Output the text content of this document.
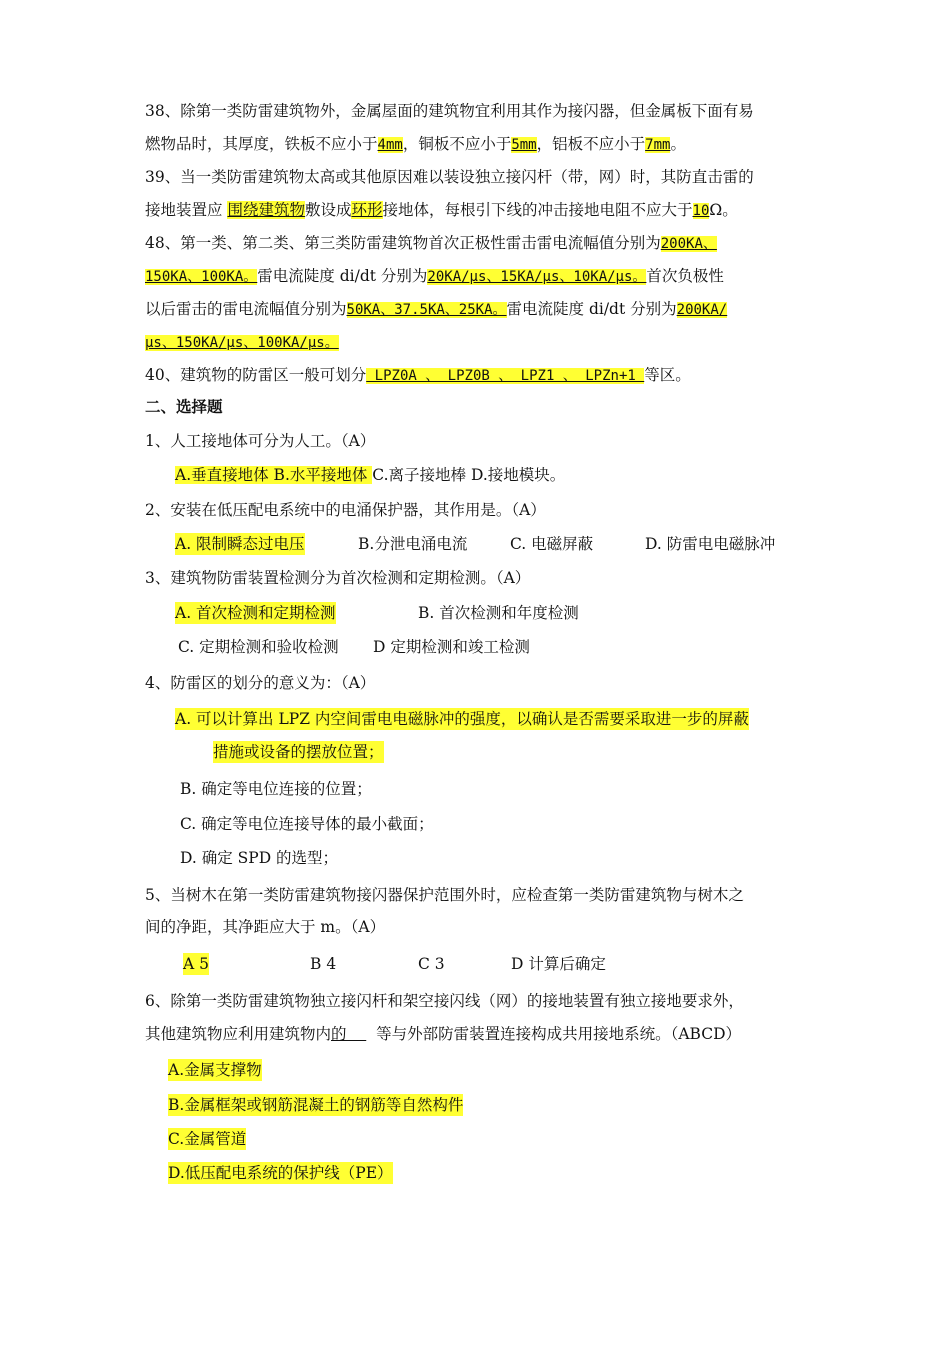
38、除第一类防雷建筑物外，金属屋面的建筑物宜利用其作为接闪器，但金属板下面有易
燃物品时，其厚度，铁板不应小于4mm，铜板不应小于5mm，铝板不应小于7mm。
39、当一类防雷建筑物太高或其他原因难以装设独立接闪杆（带，网）时，其防直击雷的
接地装置应 围绕建筑物敷设成环形接地体，每根引下线的冲击接地电阻不应大于10Ω。
48、第一类、第二类、第三类防雷建筑物首次正极性雷击雷电流幅值分别为200KA、
150KA、100KA。雷电流陡度 di/dt 分别为20KA/μs、15KA/μs、10KA/μs。首次负极性
以后雷击的雷电流幅值分别为50KA、37.5KA、25KA。雷电流陡度 di/dt 分别为200KA/
μs、150KA/μs、100KA/μs。
40、建筑物的防雷区一般可划分 LPZ0A 、 LPZ0B 、 LPZ1 、 LPZn+1 等区。
二、选择题
1、人工接地体可分为人工。（A）
A.垂直接地体 B.水平接地体 C.离子接地棒 D.接地模块。
2、安装在低压配电系统中的电涌保护器，其作用是。（A）
A. 限制瞬态过电压	B.分泄电涌电流	C. 电磁屏蔽	D. 防雷电电磁脉冲
3、建筑物防雷装置检测分为首次检测和定期检测。（A）
A. 首次检测和定期检测	B. 首次检测和年度检测
C. 定期检测和验收检测 D 定期检测和竣工检测
4、防雷区的划分的意义为：（A）
A. 可以计算出 LPZ 内空间雷电电磁脉冲的强度，以确认是否需要采取进一步的屏蔽
措施或设备的摆放位置；
B. 确定等电位连接的位置；
C. 确定等电位连接导体的最小截面；
D. 确定 SPD 的选型；
5、当树木在第一类防雷建筑物接闪器保护范围外时，应检查第一类防雷建筑物与树木之
间的净距，其净距应大于 m。（A）
A 5	B 4	C 3	D 计算后确定
6、除第一类防雷建筑物独立接闪杆和架空接闪线（网）的接地装置有独立接地要求外，
其他建筑物应利用建筑物内的      等与外部防雷装置连接构成共用接地系统。（ABCD）
A.金属支撑物
B.金属框架或钢筋混凝土的钢筋等自然构件
C.金属管道
D.低压配电系统的保护线（PE）
